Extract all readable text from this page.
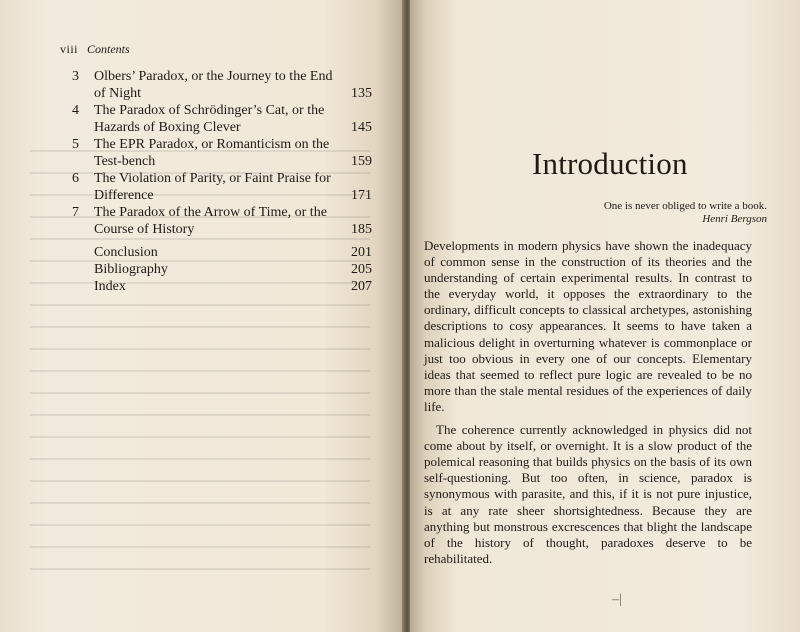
viii Contents
3	Olbers’ Paradox, or the Journey to the End of Night	135
4	The Paradox of Schrödinger’s Cat, or the Hazards of Boxing Clever	145
5	The EPR Paradox, or Romanticism on the Test-bench	159
6	The Violation of Parity, or Faint Praise for Difference	171
7	The Paradox of the Arrow of Time, or the Course of History	185
Conclusion	201
Bibliography	205
Index	207
Introduction
One is never obliged to write a book.
Henri Bergson

Developments in modern physics have shown the inadequacy of common sense in the construction of its theories and the understanding of certain experimental results. In contrast to the everyday world, it opposes the extraordinary to the ordinary, difficult concepts to classical archetypes, astonishing descriptions to cosy appearances. It seems to have taken a malicious delight in overturning whatever is commonplace or just too obvious in every one of our concepts. Elementary ideas that seemed to reflect pure logic are revealed to be no more than the stale mental residues of the experiences of daily life.

The coherence currently acknowledged in physics did not come about by itself, or overnight. It is a slow product of the polemical reasoning that builds physics on the basis of its own self-questioning. But too often, in science, paradox is synonymous with parasite, and this, if it is not pure injustice, is at any rate sheer shortsightedness. Because they are anything but monstrous excrescences that blight the landscape of the history of thought, paradoxes deserve to be rehabilitated.

–|
